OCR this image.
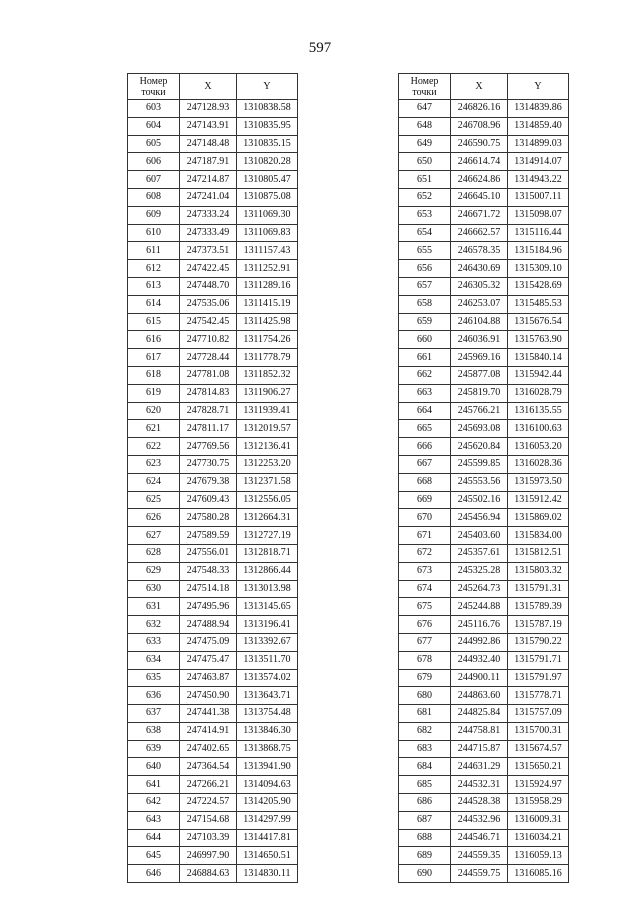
597
Номер
точки	X	Y
603	247128.93	1310838.58
604	247143.91	1310835.95
605	247148.48	1310835.15
606	247187.91	1310820.28
607	247214.87	1310805.47
608	247241.04	1310875.08
609	247333.24	1311069.30
610	247333.49	1311069.83
611	247373.51	1311157.43
612	247422.45	1311252.91
613	247448.70	1311289.16
614	247535.06	1311415.19
615	247542.45	1311425.98
616	247710.82	1311754.26
617	247728.44	1311778.79
618	247781.08	1311852.32
619	247814.83	1311906.27
620	247828.71	1311939.41
621	247811.17	1312019.57
622	247769.56	1312136.41
623	247730.75	1312253.20
624	247679.38	1312371.58
625	247609.43	1312556.05
626	247580.28	1312664.31
627	247589.59	1312727.19
628	247556.01	1312818.71
629	247548.33	1312866.44
630	247514.18	1313013.98
631	247495.96	1313145.65
632	247488.94	1313196.41
633	247475.09	1313392.67
634	247475.47	1313511.70
635	247463.87	1313574.02
636	247450.90	1313643.71
637	247441.38	1313754.48
638	247414.91	1313846.30
639	247402.65	1313868.75
640	247364.54	1313941.90
641	247266.21	1314094.63
642	247224.57	1314205.90
643	247154.68	1314297.99
644	247103.39	1314417.81
645	246997.90	1314650.51
646	246884.63	1314830.11
Номер
точки	X	Y
647	246826.16	1314839.86
648	246708.96	1314859.40
649	246590.75	1314899.03
650	246614.74	1314914.07
651	246624.86	1314943.22
652	246645.10	1315007.11
653	246671.72	1315098.07
654	246662.57	1315116.44
655	246578.35	1315184.96
656	246430.69	1315309.10
657	246305.32	1315428.69
658	246253.07	1315485.53
659	246104.88	1315676.54
660	246036.91	1315763.90
661	245969.16	1315840.14
662	245877.08	1315942.44
663	245819.70	1316028.79
664	245766.21	1316135.55
665	245693.08	1316100.63
666	245620.84	1316053.20
667	245599.85	1316028.36
668	245553.56	1315973.50
669	245502.16	1315912.42
670	245456.94	1315869.02
671	245403.60	1315834.00
672	245357.61	1315812.51
673	245325.28	1315803.32
674	245264.73	1315791.31
675	245244.88	1315789.39
676	245116.76	1315787.19
677	244992.86	1315790.22
678	244932.40	1315791.71
679	244900.11	1315791.97
680	244863.60	1315778.71
681	244825.84	1315757.09
682	244758.81	1315700.31
683	244715.87	1315674.57
684	244631.29	1315650.21
685	244532.31	1315924.97
686	244528.38	1315958.29
687	244532.96	1316009.31
688	244546.71	1316034.21
689	244559.35	1316059.13
690	244559.75	1316085.16
